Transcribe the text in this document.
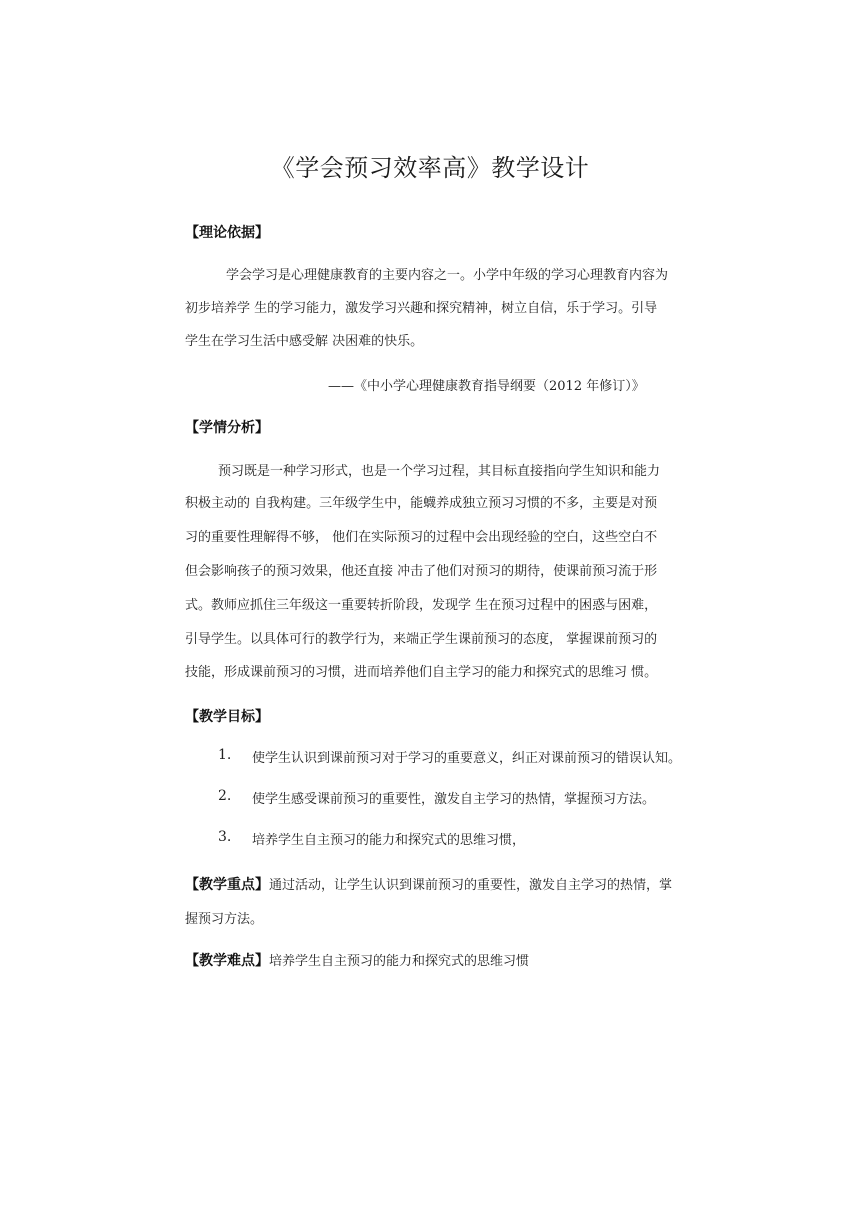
《学会预习效率高》教学设计
【理论依据】
学会学习是心理健康教育的主要内容之一。小学中年级的学习心理教育内容为
初步培养学 生的学习能力，激发学习兴趣和探究精神，树立自信，乐于学习。引导
学生在学习生活中感受解 决困难的快乐。
——《中小学心理健康教育指导纲要（2012 年修订）》
【学情分析】
预习既是一种学习形式，也是一个学习过程，其目标直接指向学生知识和能力
积极主动的 自我构建。三年级学生中，能蠛养成独立预习习惯的不多，主要是对预
习的重要性理解得不够， 他们在实际预习的过程中会出现经验的空白，这些空白不
但会影响孩子的预习效果，他还直接 冲击了他们对预习的期待，使课前预习流于形
式。教师应抓住三年级这一重要转折阶段，发现学 生在预习过程中的困惑与困难，
引导学生。以具体可行的教学行为，来端正学生课前预习的态度， 掌握课前预习的
技能，形成课前预习的习惯，进而培养他们自主学习的能力和探究式的思维习 惯。
【教学目标】
1. 使学生认识到课前预习对于学习的重要意义，纠正对课前预习的错误认知。
2. 使学生感受课前预习的重要性，激发自主学习的热情，掌握预习方法。
3. 培养学生自主预习的能力和探究式的思维习惯，
【教学重点】通过活动，让学生认识到课前预习的重要性，激发自主学习的热情，掌
握预习方法。
【教学难点】培养学生自主预习的能力和探究式的思维习惯
